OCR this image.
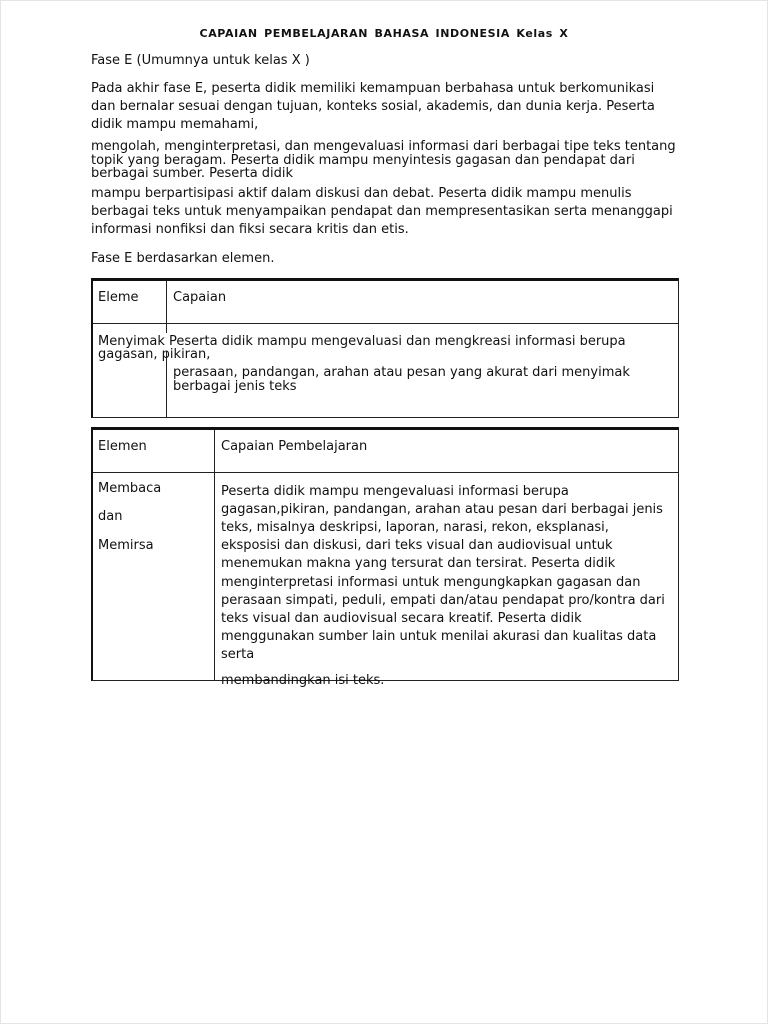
CAPAIAN PEMBELAJARAN BAHASA INDONESIA Kelas X
Fase E (Umumnya untuk kelas X )
Pada akhir fase E, peserta didik memiliki kemampuan berbahasa untuk berkomunikasi dan bernalar sesuai dengan tujuan, konteks sosial, akademis, dan dunia kerja. Peserta didik mampu memahami,
mengolah, menginterpretasi, dan mengevaluasi informasi dari berbagai tipe teks tentang topik yang beragam. Peserta didik mampu menyintesis gagasan dan pendapat dari berbagai sumber. Peserta didik
mampu berpartisipasi aktif dalam diskusi dan debat. Peserta didik mampu menulis berbagai teks untuk menyampaikan pendapat dan mempresentasikan serta menanggapi informasi nonfiksi dan fiksi secara kritis dan etis.
Fase E berdasarkan elemen.
Eleme	Capaian
Menyimak Peserta didik mampu mengevaluasi dan mengkreasi informasi berupa
gagasan, pikiran,
perasaan, pandangan, arahan atau pesan yang akurat dari menyimak berbagai jenis teks
Elemen	Capaian Pembelajaran
Membaca
dan
Memirsa
Peserta didik mampu mengevaluasi informasi berupa gagasan,pikiran, pandangan, arahan atau pesan dari berbagai jenis teks, misalnya deskripsi, laporan, narasi, rekon, eksplanasi, eksposisi dan diskusi, dari teks visual dan audiovisual untuk menemukan makna yang tersurat dan tersirat. Peserta didik
menginterpretasi informasi untuk mengungkapkan gagasan dan perasaan simpati, peduli, empati dan/atau pendapat pro/kontra dari teks visual dan audiovisual secara kreatif. Peserta didik menggunakan sumber lain untuk menilai akurasi dan kualitas data serta
membandingkan isi teks.
